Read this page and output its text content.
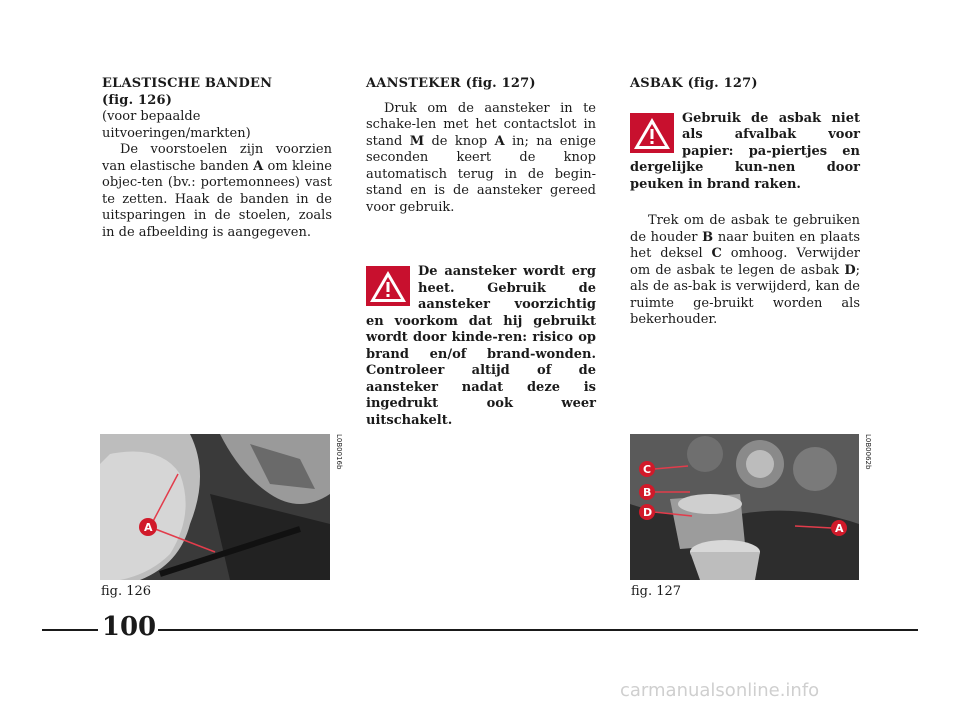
ELASTISCHE BANDEN
(fig. 126)

(voor bepaalde
uitvoeringen/markten)

De voorstoelen zijn voorzien van elastische banden A om kleine objec-ten (bv.: portemonnees) vast te zetten. Haak de banden in de uitsparingen in de stoelen, zoals in de afbeelding is aangegeven.

AANSTEKER (fig. 127)

Druk om de aansteker in te schake-len met het contactslot in stand M de knop A in; na enige seconden keert de knop automatisch terug in de begin-stand en is de aansteker gereed voor gebruik.

De aansteker wordt erg heet. Gebruik de aansteker voorzichtig en voorkom dat hij gebruikt wordt door kinde-ren: risico op brand en/of brand-wonden. Controleer altijd of de aansteker nadat deze is ingedrukt ook weer uitschakelt.

ASBAK (fig. 127)

Gebruik de asbak niet als afvalbak voor papier: pa-piertjes en dergelijke kun-nen door peuken in brand raken.

Trek om de asbak te gebruiken de houder B naar buiten en plaats het deksel C omhoog. Verwijder om de asbak te legen de asbak D; als de as-bak is verwijderd, kan de ruimte ge-bruikt worden als bekerhouder.

A
L0B0016b
fig. 126
C
B
D
A
L0B0062b
fig. 127
100
carmanualsonline.info
